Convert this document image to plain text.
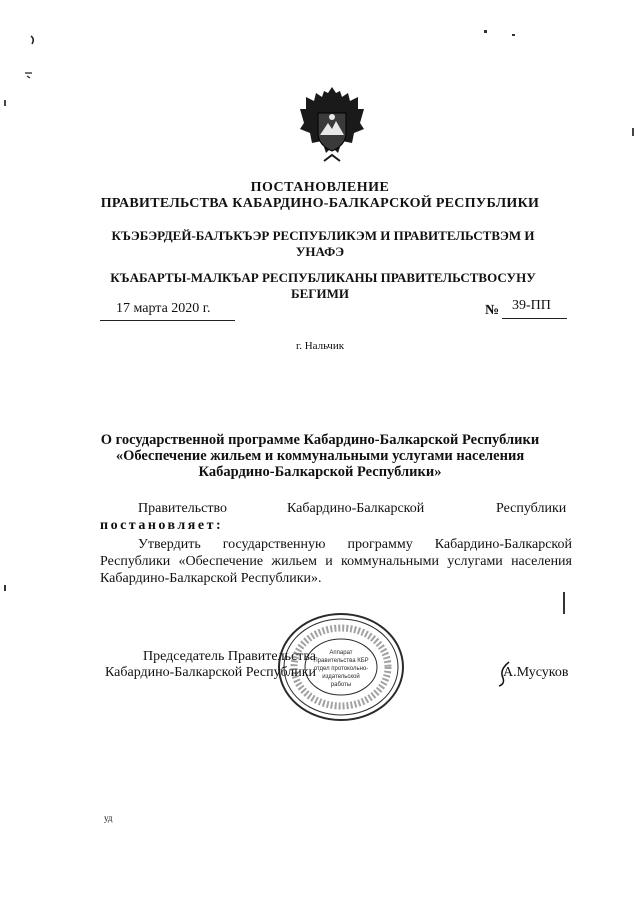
ПОСТАНОВЛЕНИЕ
ПРАВИТЕЛЬСТВА КАБАРДИНО-БАЛКАРСКОЙ РЕСПУБЛИКИ
КЪЭБЭРДЕЙ-БАЛЪКЪЭР РЕСПУБЛИКЭМ И ПРАВИТЕЛЬСТВЭМ И
УНАФЭ
КЪАБАРТЫ-МАЛКЪАР РЕСПУБЛИКАНЫ ПРАВИТЕЛЬСТВОСУНУ
БЕГИМИ
17 марта 2020 г.	№ 39-ПП
г. Нальчик
О государственной программе Кабардино-Балкарской Республики
«Обеспечение жильем и коммунальными услугами населения
Кабардино-Балкарской Республики»
Правительство	Кабардино-Балкарской	Республики
постановляет:
Утвердить государственную программу Кабардино-Балкарской Республики «Обеспечение жильем и коммунальными услугами населения Кабардино-Балкарской Республики».
Аппарат
Правительства КБР
отдел протокольно-
издательской
работы
Председатель Правительства
Кабардино-Балкарской Республики	А.Мусуков
уд
